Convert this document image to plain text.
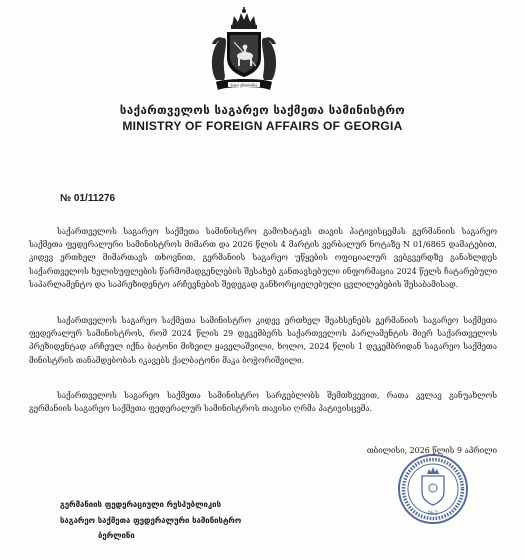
ძალა ერთობაშია
საქართველოს საგარეო საქმეთა სამინისტრო
MINISTRY OF FOREIGN AFFAIRS OF GEORGIA
№ 01/11276

საქართველოს საგარეო საქმეთა სამინისტრო გამოხატავს თავის პატივისცემას გერმანიის საგარეო საქმეთა ფედერალური სამინისტროს მიმართ და 2026 წლის 4 მარტის ვერბალურ ნოტაზე N 01/6865 დამატებით, კიდევ ერთხელ მიმართავს თხოვნით, გერმანიის საგარეო უწყების ოფიციალურ ვებგვერდზე განახლდეს საქართველოს ხელისუფლების წარმომადგენლების შესახებ განთავსებული ინფორმაცია 2024 წელს ჩატარებული საპარლამენტო და საპრეზიდენტო არჩევნების შედეგად განხორციელებული ცვლილებების შესაბამისად.

საქართველოს საგარეო საქმეთა სამინისტრო კიდევ ერთხელ შეახსენებს გერმანიის საგარეო საქმეთა ფედერალურ სამინისტროს, რომ 2024 წლის 29 დეკემბერს საქართველოს პარლამენტის მიერ საქართველოს პრეზიდენტად არჩეულ იქნა ბატონი მიხეილ ყაველაშვილი, ხოლო, 2024 წლის 1 დეკემბრიდან საგარეო საქმეთა მინისტრის თანამდებობას იკავებს ქალბატონი მაკა ბოჭორიშვილი.

საქართველოს საგარეო საქმეთა სამინისტრო სარგებლობს შემთხვევით, რათა კვლავ განუახლოს გერმანიის საგარეო საქმეთა ფედერალურ სამინისტროს თავისი ღრმა პატივისცემა.

№2
თბილისი, 2026 წლის 9 აპრილი
გერმანიის ფედერაციული რესპუბლიკის
საგარეო საქმეთა ფედერალური სამინისტრო
ბერლინი
